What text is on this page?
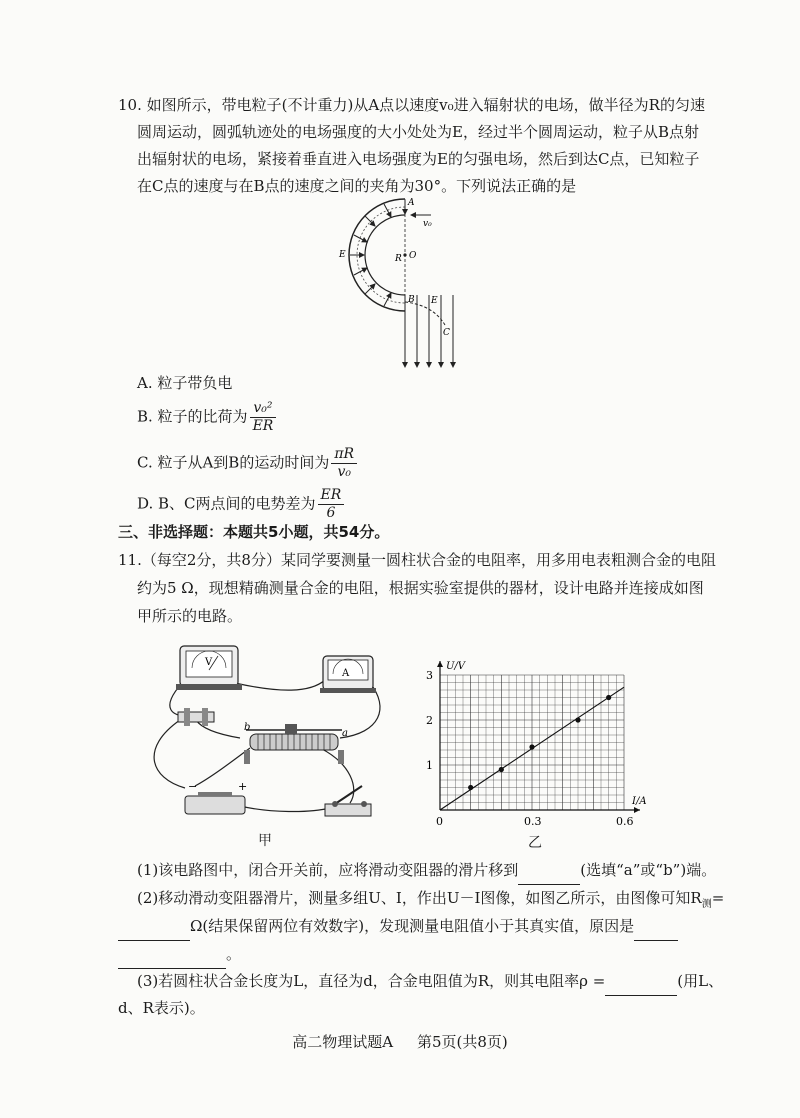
10. 如图所示，带电粒子(不计重力)从A点以速度v₀进入辐射状的电场，做半径为R的匀速
圆周运动，圆弧轨迹处的电场强度的大小处处为E，经过半个圆周运动，粒子从B点射
出辐射状的电场，紧接着垂直进入电场强度为E的匀强电场，然后到达C点，已知粒子
在C点的速度与在B点的速度之间的夹角为30°。下列说法正确的是
A
v₀
E	R O
B E
C
A. 粒子带负电
B. 粒子的比荷为 $\frac{\text{v₀²}}{ER}$
C. 粒子从A到B的运动时间为 $\frac{\pi R}{\text{v₀}}$
D. B、C两点间的电势差为 $\frac{ER}{6}$
三、非选择题：本题共5小题，共54分。
11.（每空2分，共8分）某同学要测量一圆柱状合金的电阻率，用多用电表粗测合金的电阻
约为5 Ω，现想精确测量合金的电阻，根据实验室提供的器材，设计电路并连接成如图
甲所示的电路。
V
A
b
a
−	+
甲
I/A
U/V
0	0.3	0.6
1
2
3
乙
(1)该电路图中，闭合开关前，应将滑动变阻器的滑片移到	(选填“a”或“b”)端。
(2)移动滑动变阻器滑片，测量多组U、I，作出U－I图像，如图乙所示，由图像可知$R_测=$
Ω(结果保留两位有效数字)，发现测量电阻值小于其真实值，原因是
。
(3)若圆柱状合金长度为L，直径为d，合金电阻值为R，则其电阻率ρ =	(用L、
d、R表示)。
高二物理试题A 第5页(共8页)
